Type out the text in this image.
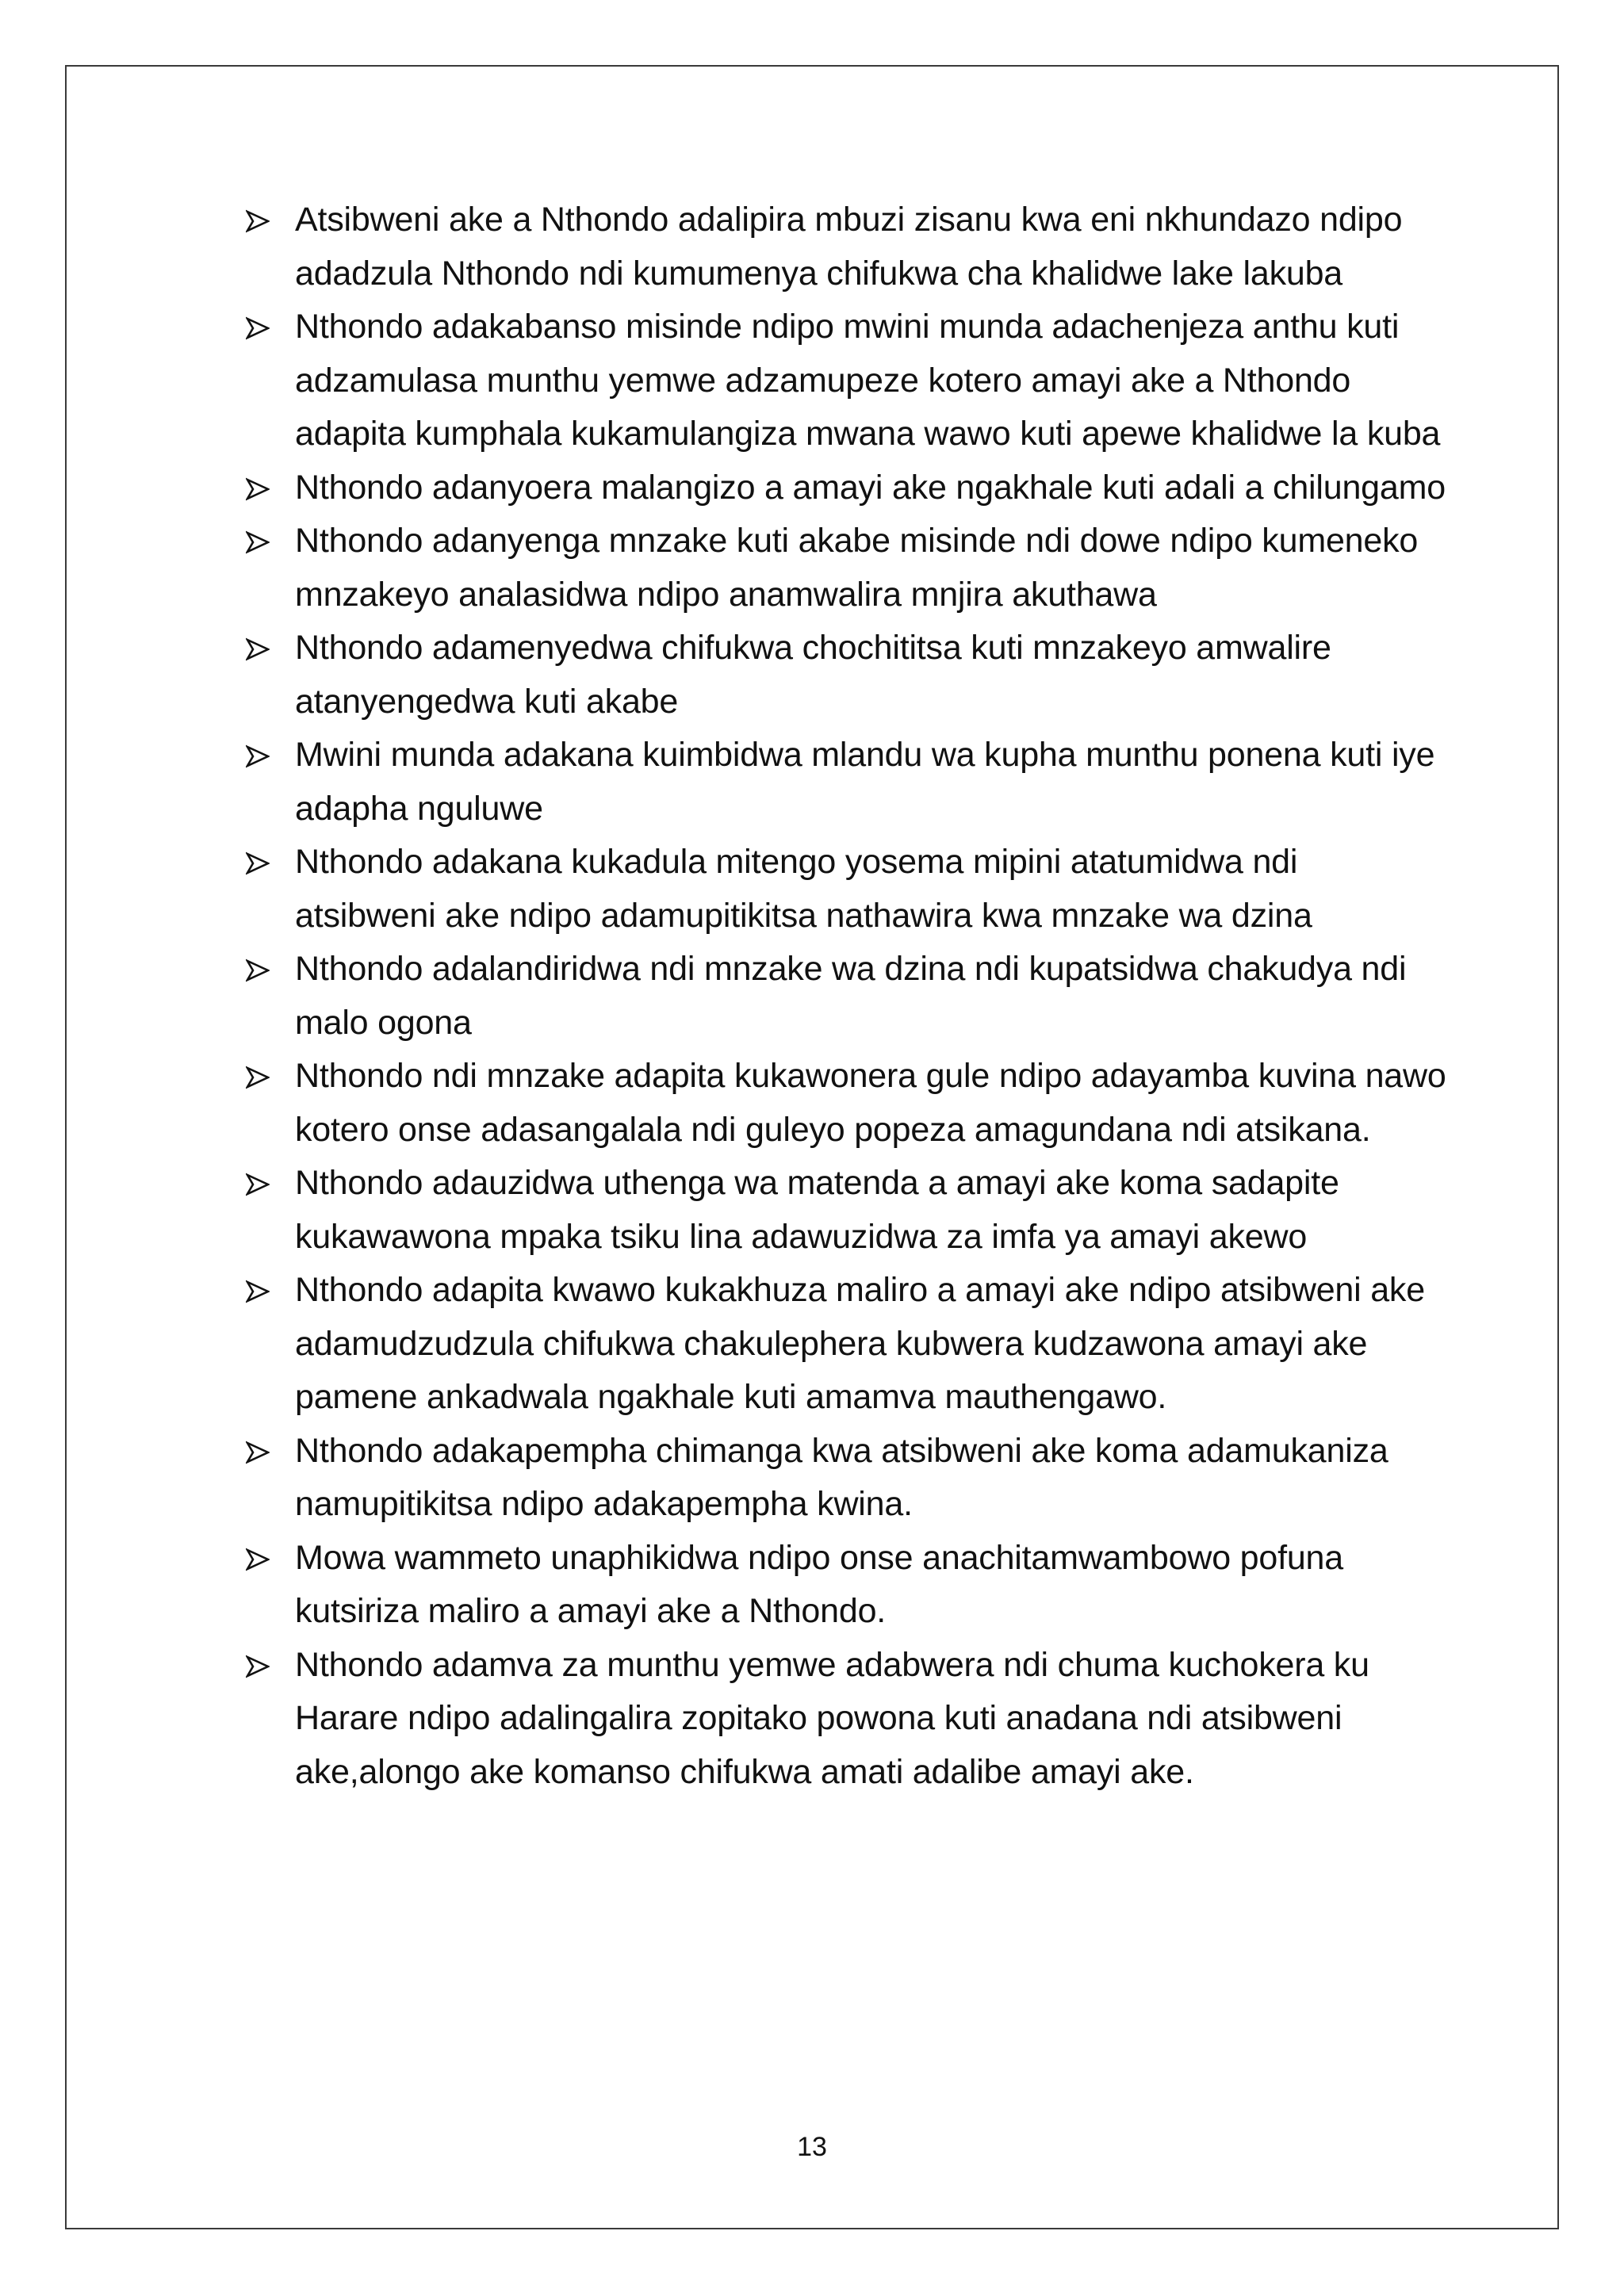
Atsibweni ake a Nthondo adalipira mbuzi zisanu kwa eni nkhundazo ndipo adadzula Nthondo ndi kumumenya chifukwa cha khalidwe lake lakuba
Nthondo adakabanso misinde ndipo mwini munda adachenjeza anthu kuti adzamulasa munthu yemwe adzamupeze kotero amayi ake a Nthondo adapita kumphala kukamulangiza mwana wawo kuti apewe khalidwe la kuba
Nthondo adanyoera malangizo a amayi ake ngakhale kuti adali a chilungamo
Nthondo adanyenga mnzake kuti akabe misinde ndi dowe ndipo kumeneko mnzakeyo analasidwa ndipo anamwalira mnjira akuthawa
Nthondo adamenyedwa chifukwa chochititsa kuti mnzakeyo amwalire atanyengedwa kuti akabe
Mwini munda adakana kuimbidwa mlandu wa kupha munthu ponena kuti iye adapha nguluwe
Nthondo adakana kukadula mitengo yosema mipini atatumidwa ndi atsibweni ake ndipo adamupitikitsa nathawira kwa mnzake wa dzina
Nthondo adalandiridwa ndi mnzake wa dzina ndi kupatsidwa chakudya ndi malo ogona
Nthondo ndi mnzake adapita kukawonera gule ndipo adayamba kuvina nawo kotero onse adasangalala ndi guleyo popeza amagundana ndi atsikana.
Nthondo adauzidwa uthenga wa matenda a amayi ake koma sadapite kukawawona mpaka tsiku lina adawuzidwa za imfa ya amayi akewo
Nthondo adapita kwawo kukakhuza maliro a amayi ake ndipo atsibweni ake adamudzudzula chifukwa chakulephera kubwera kudzawona amayi ake pamene ankadwala ngakhale kuti amamva mauthengawo.
Nthondo adakapempha chimanga kwa atsibweni ake koma adamukaniza namupitikitsa ndipo adakapempha kwina.
Mowa wammeto unaphikidwa ndipo onse anachitamwambowo pofuna kutsiriza maliro a amayi ake a Nthondo.
Nthondo adamva za munthu yemwe adabwera ndi chuma kuchokera ku Harare ndipo adalingalira zopitako powona kuti anadana ndi atsibweni ake,alongo ake komanso chifukwa amati adalibe amayi ake.
13
